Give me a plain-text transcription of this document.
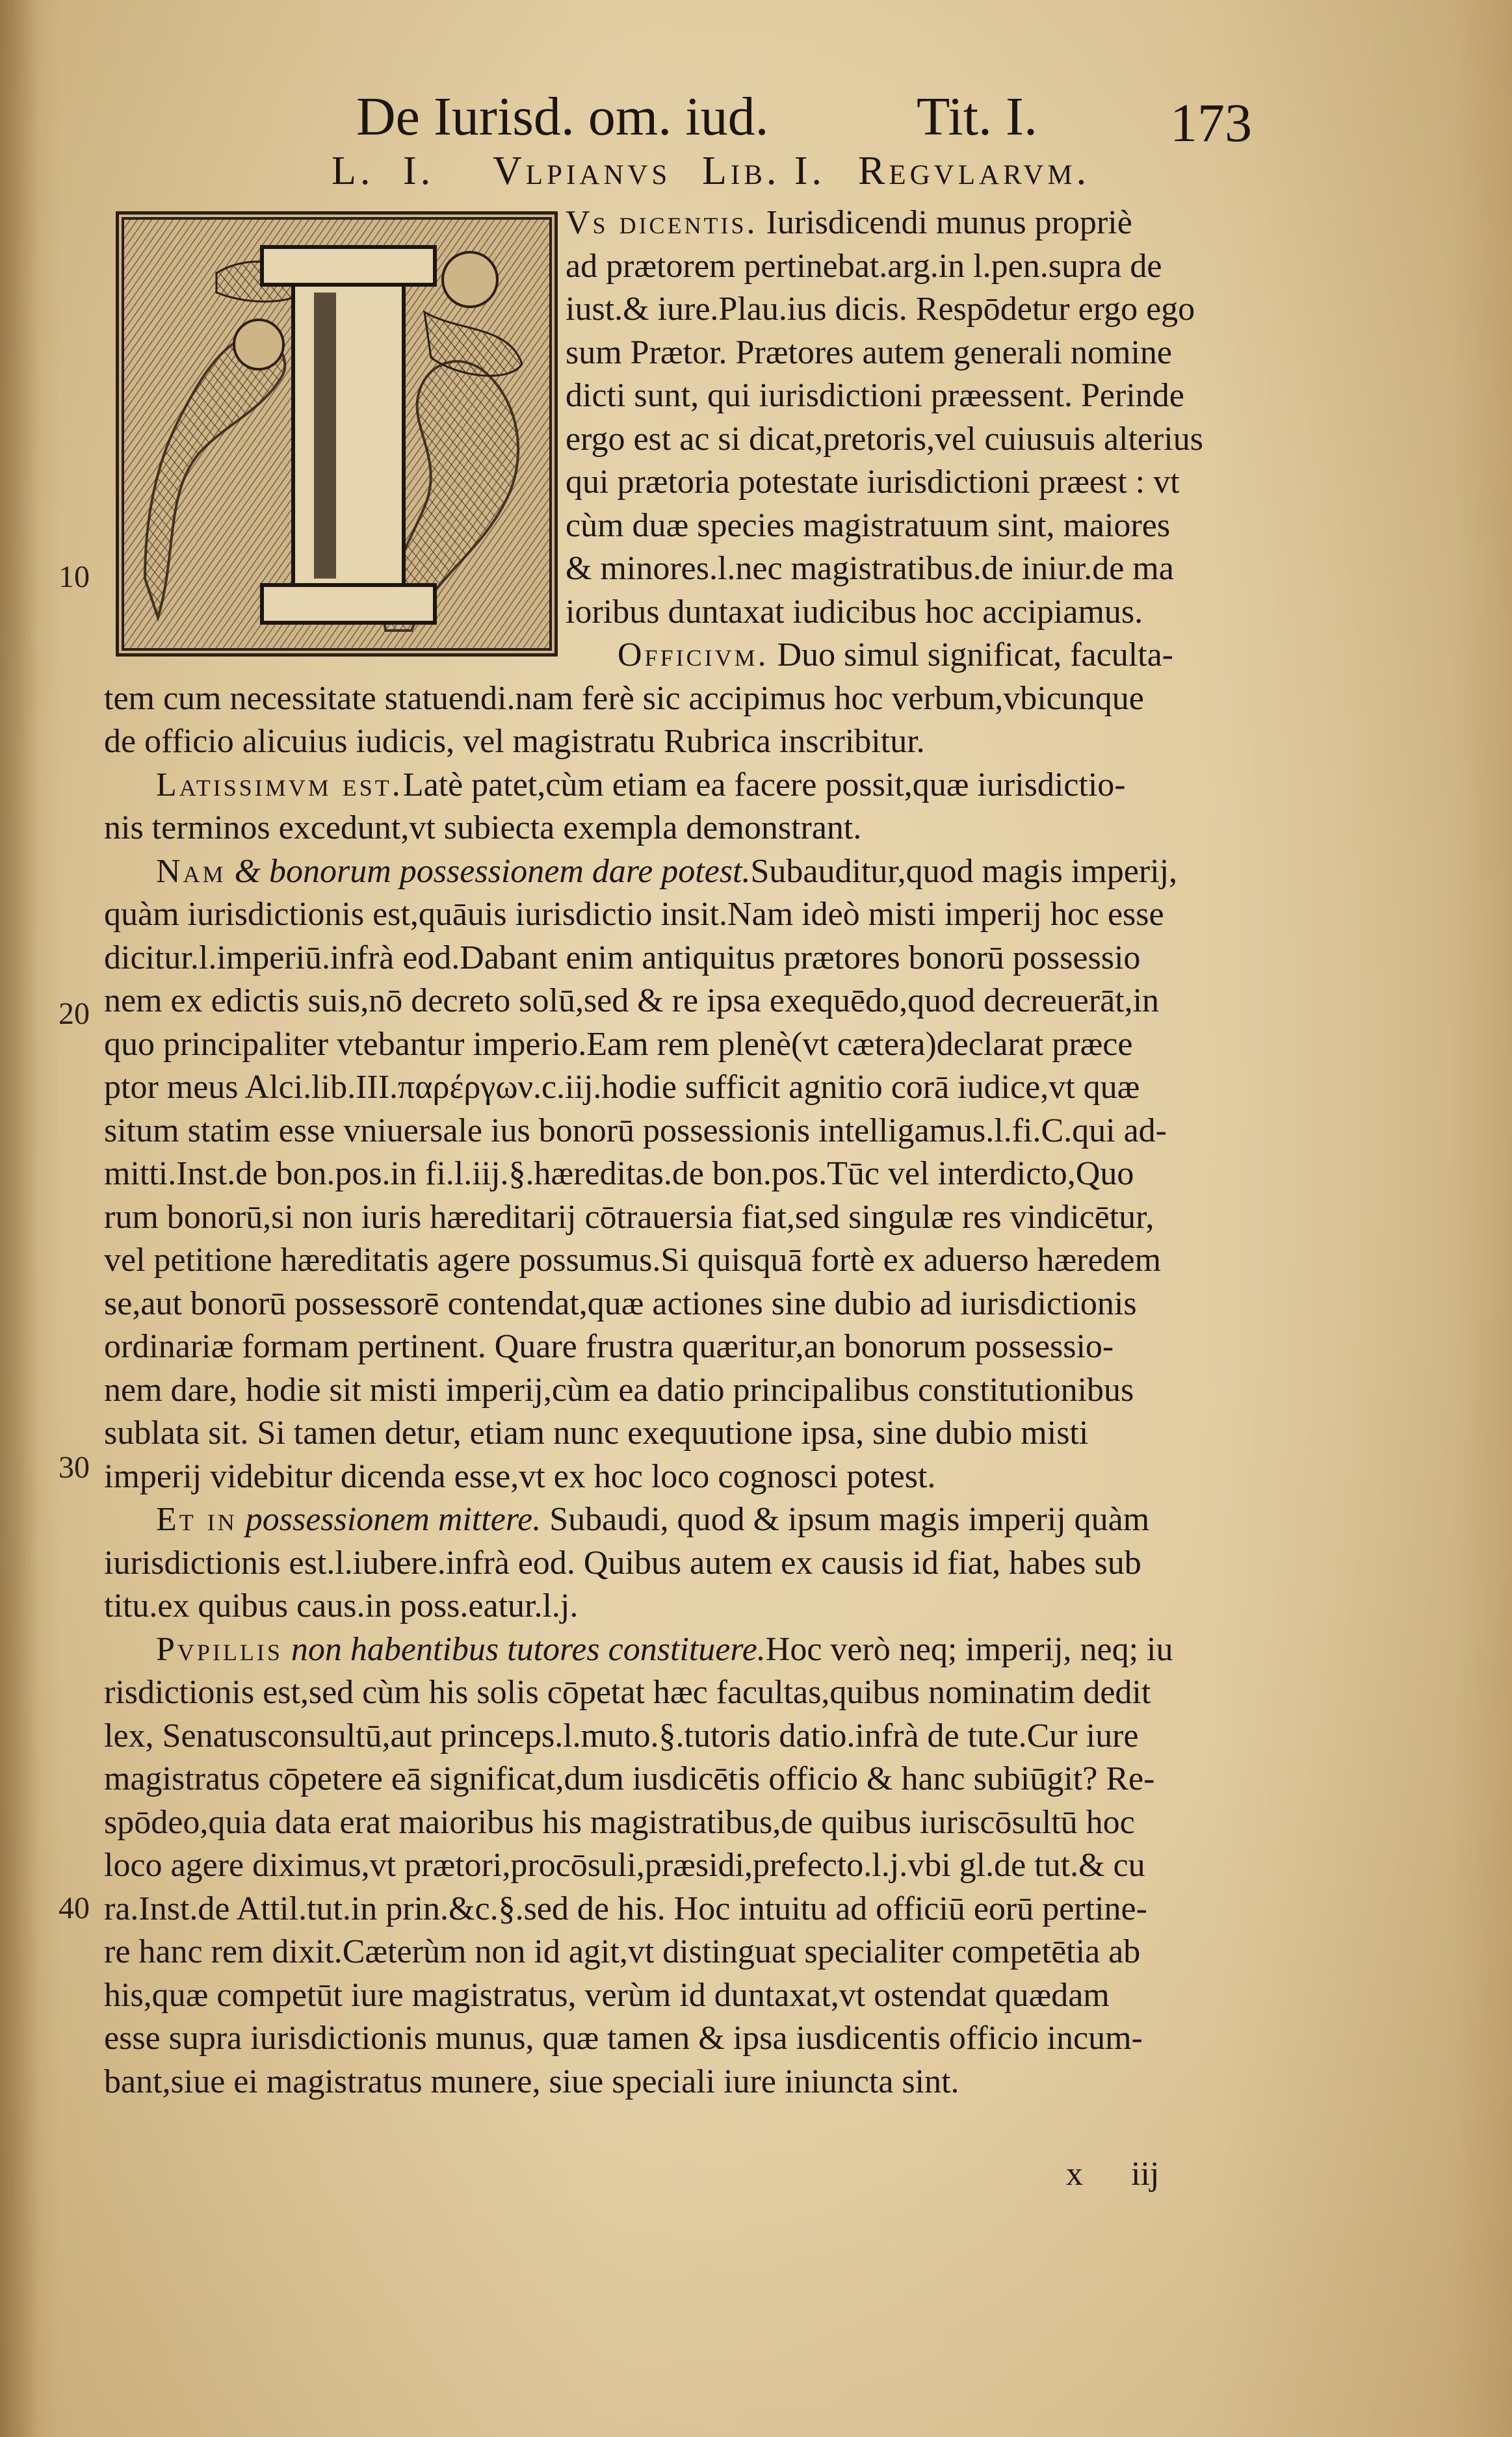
De Iurisd. om. iud.	Tit. I. 173
L. I. Vlpianvs Lib. I. Regvlarvm.
10
20
30
40
Vs dicentis. Iurisdicendi munus propriè
ad prætorem pertinebat.arg.in l.pen.supra de
iust.& iure.Plau.ius dicis. Respōdetur ergo ego
sum Prætor. Prætores autem generali nomine
dicti sunt, qui iurisdictioni præessent. Perinde
ergo est ac si dicat,pretoris,vel cuiusuis alterius
qui prætoria potestate iurisdictioni præest : vt
cùm duæ species magistratuum sint, maiores
& minores.l.nec magistratibus.de iniur.de ma
ioribus duntaxat iudicibus hoc accipiamus.
Officivm. Duo simul significat, faculta-
tem cum necessitate statuendi.nam ferè sic accipimus hoc verbum,vbicunque
de officio alicuius iudicis, vel magistratu Rubrica inscribitur.
Latissimvm est.Latè patet,cùm etiam ea facere possit,quæ iurisdictio-
nis terminos excedunt,vt subiecta exempla demonstrant.
Nam & bonorum possessionem dare potest.Subauditur,quod magis imperij,
quàm iurisdictionis est,quāuis iurisdictio insit.Nam ideò misti imperij hoc esse
dicitur.l.imperiū.infrà eod.Dabant enim antiquitus prætores bonorū possessio
nem ex edictis suis,nō decreto solū,sed & re ipsa exequēdo,quod decreuerāt,in
quo principaliter vtebantur imperio.Eam rem plenè(vt cætera)declarat præce
ptor meus Alci.lib.III.παρέργων.c.iij.hodie sufficit agnitio corā iudice,vt quæ
situm statim esse vniuersale ius bonorū possessionis intelligamus.l.fi.C.qui ad-
mitti.Inst.de bon.pos.in fi.l.iij.§.hæreditas.de bon.pos.Tūc vel interdicto,Quo
rum bonorū,si non iuris hæreditarij cōtrauersia fiat,sed singulæ res vindicētur,
vel petitione hæreditatis agere possumus.Si quisquā fortè ex aduerso hæredem
se,aut bonorū possessorē contendat,quæ actiones sine dubio ad iurisdictionis
ordinariæ formam pertinent. Quare frustra quæritur,an bonorum possessio-
nem dare, hodie sit misti imperij,cùm ea datio principalibus constitutionibus
sublata sit. Si tamen detur, etiam nunc exequutione ipsa, sine dubio misti
imperij videbitur dicenda esse,vt ex hoc loco cognosci potest.
Et in possessionem mittere. Subaudi, quod & ipsum magis imperij quàm
iurisdictionis est.l.iubere.infrà eod. Quibus autem ex causis id fiat, habes sub
titu.ex quibus caus.in poss.eatur.l.j.
Pvpillis non habentibus tutores constituere.Hoc verò neq; imperij, neq; iu
risdictionis est,sed cùm his solis cōpetat hæc facultas,quibus nominatim dedit
lex, Senatusconsultū,aut princeps.l.muto.§.tutoris datio.infrà de tute.Cur iure
magistratus cōpetere eā significat,dum iusdicētis officio & hanc subiūgit? Re-
spōdeo,quia data erat maioribus his magistratibus,de quibus iuriscōsultū hoc
loco agere diximus,vt prætori,procōsuli,præsidi,prefecto.l.j.vbi gl.de tut.& cu
ra.Inst.de Attil.tut.in prin.&c.§.sed de his. Hoc intuitu ad officiū eorū pertine-
re hanc rem dixit.Cæterùm non id agit,vt distinguat specialiter competētia ab
his,quæ competūt iure magistratus, verùm id duntaxat,vt ostendat quædam
esse supra iurisdictionis munus, quæ tamen & ipsa iusdicentis officio incum-
bant,siue ei magistratus munere, siue speciali iure iniuncta sint.
x iij
